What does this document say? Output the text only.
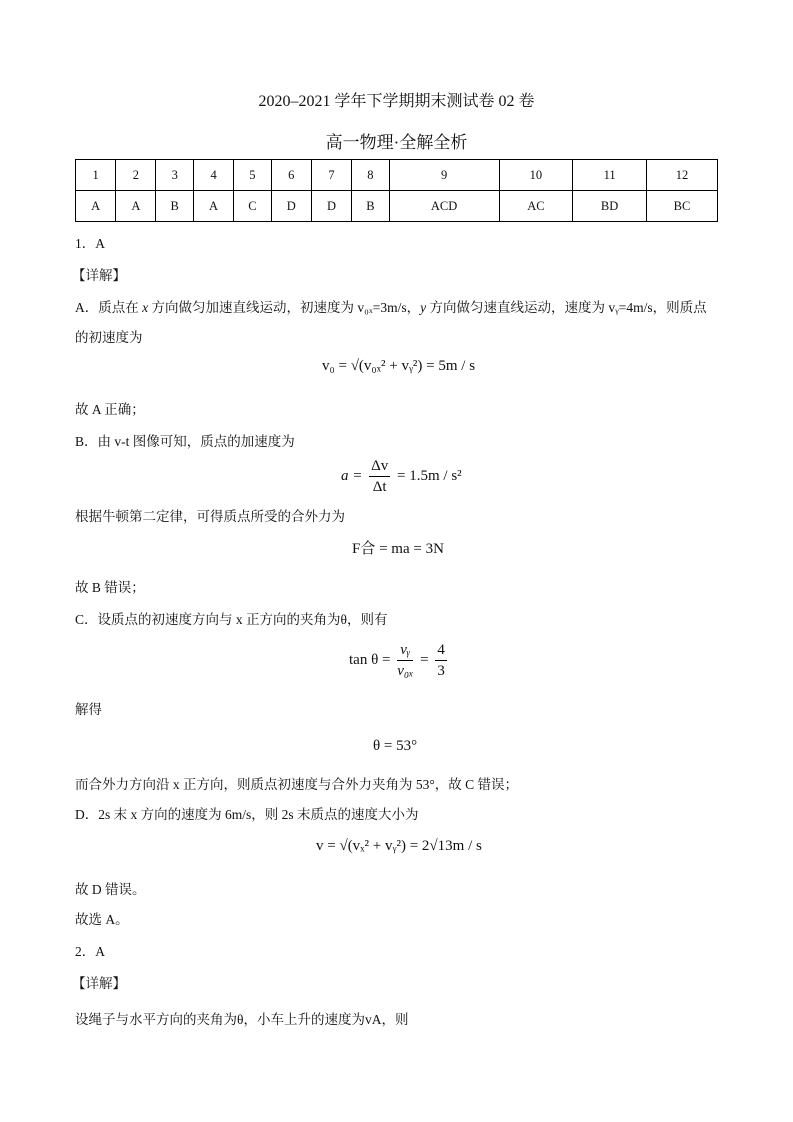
2020–2021 学年下学期期末测试卷 02 卷
高一物理·全解全析
1	2	3	4	5	6	7	8	9	10	11	12
A	A	B	A	C	D	D	B	ACD	AC	BD	BC
1．A
【详解】
A．质点在 x 方向做匀加速直线运动，初速度为 v₀ₓ=3m/s，y 方向做匀速直线运动，速度为 vᵧ=4m/s，则质点
的初速度为
v₀ = √(v₀ₓ² + vᵧ²) = 5m / s
故 A 正确；
B．由 v-t 图像可知，质点的加速度为
$a = \frac{\Delta v}{\Delta t} = 1.5m / s^2$
根据牛顿第二定律，可得质点所受的合外力为
F合 = ma = 3N
故 B 错误；
C．设质点的初速度方向与 x 正方向的夹角为θ，则有
$\tan \theta = \frac{\text{vᵧ}}{\text{v₀ₓ}} = \frac{4}{3}$
解得
θ = 53°
而合外力方向沿 x 正方向，则质点初速度与合外力夹角为 53°，故 C 错误；
D．2s 末 x 方向的速度为 6m/s，则 2s 末质点的速度大小为
v = √(vₓ² + vᵧ²) = 2√13m / s
故 D 错误。
故选 A。
2．A
【详解】
设绳子与水平方向的夹角为θ，小车上升的速度为vA，则
